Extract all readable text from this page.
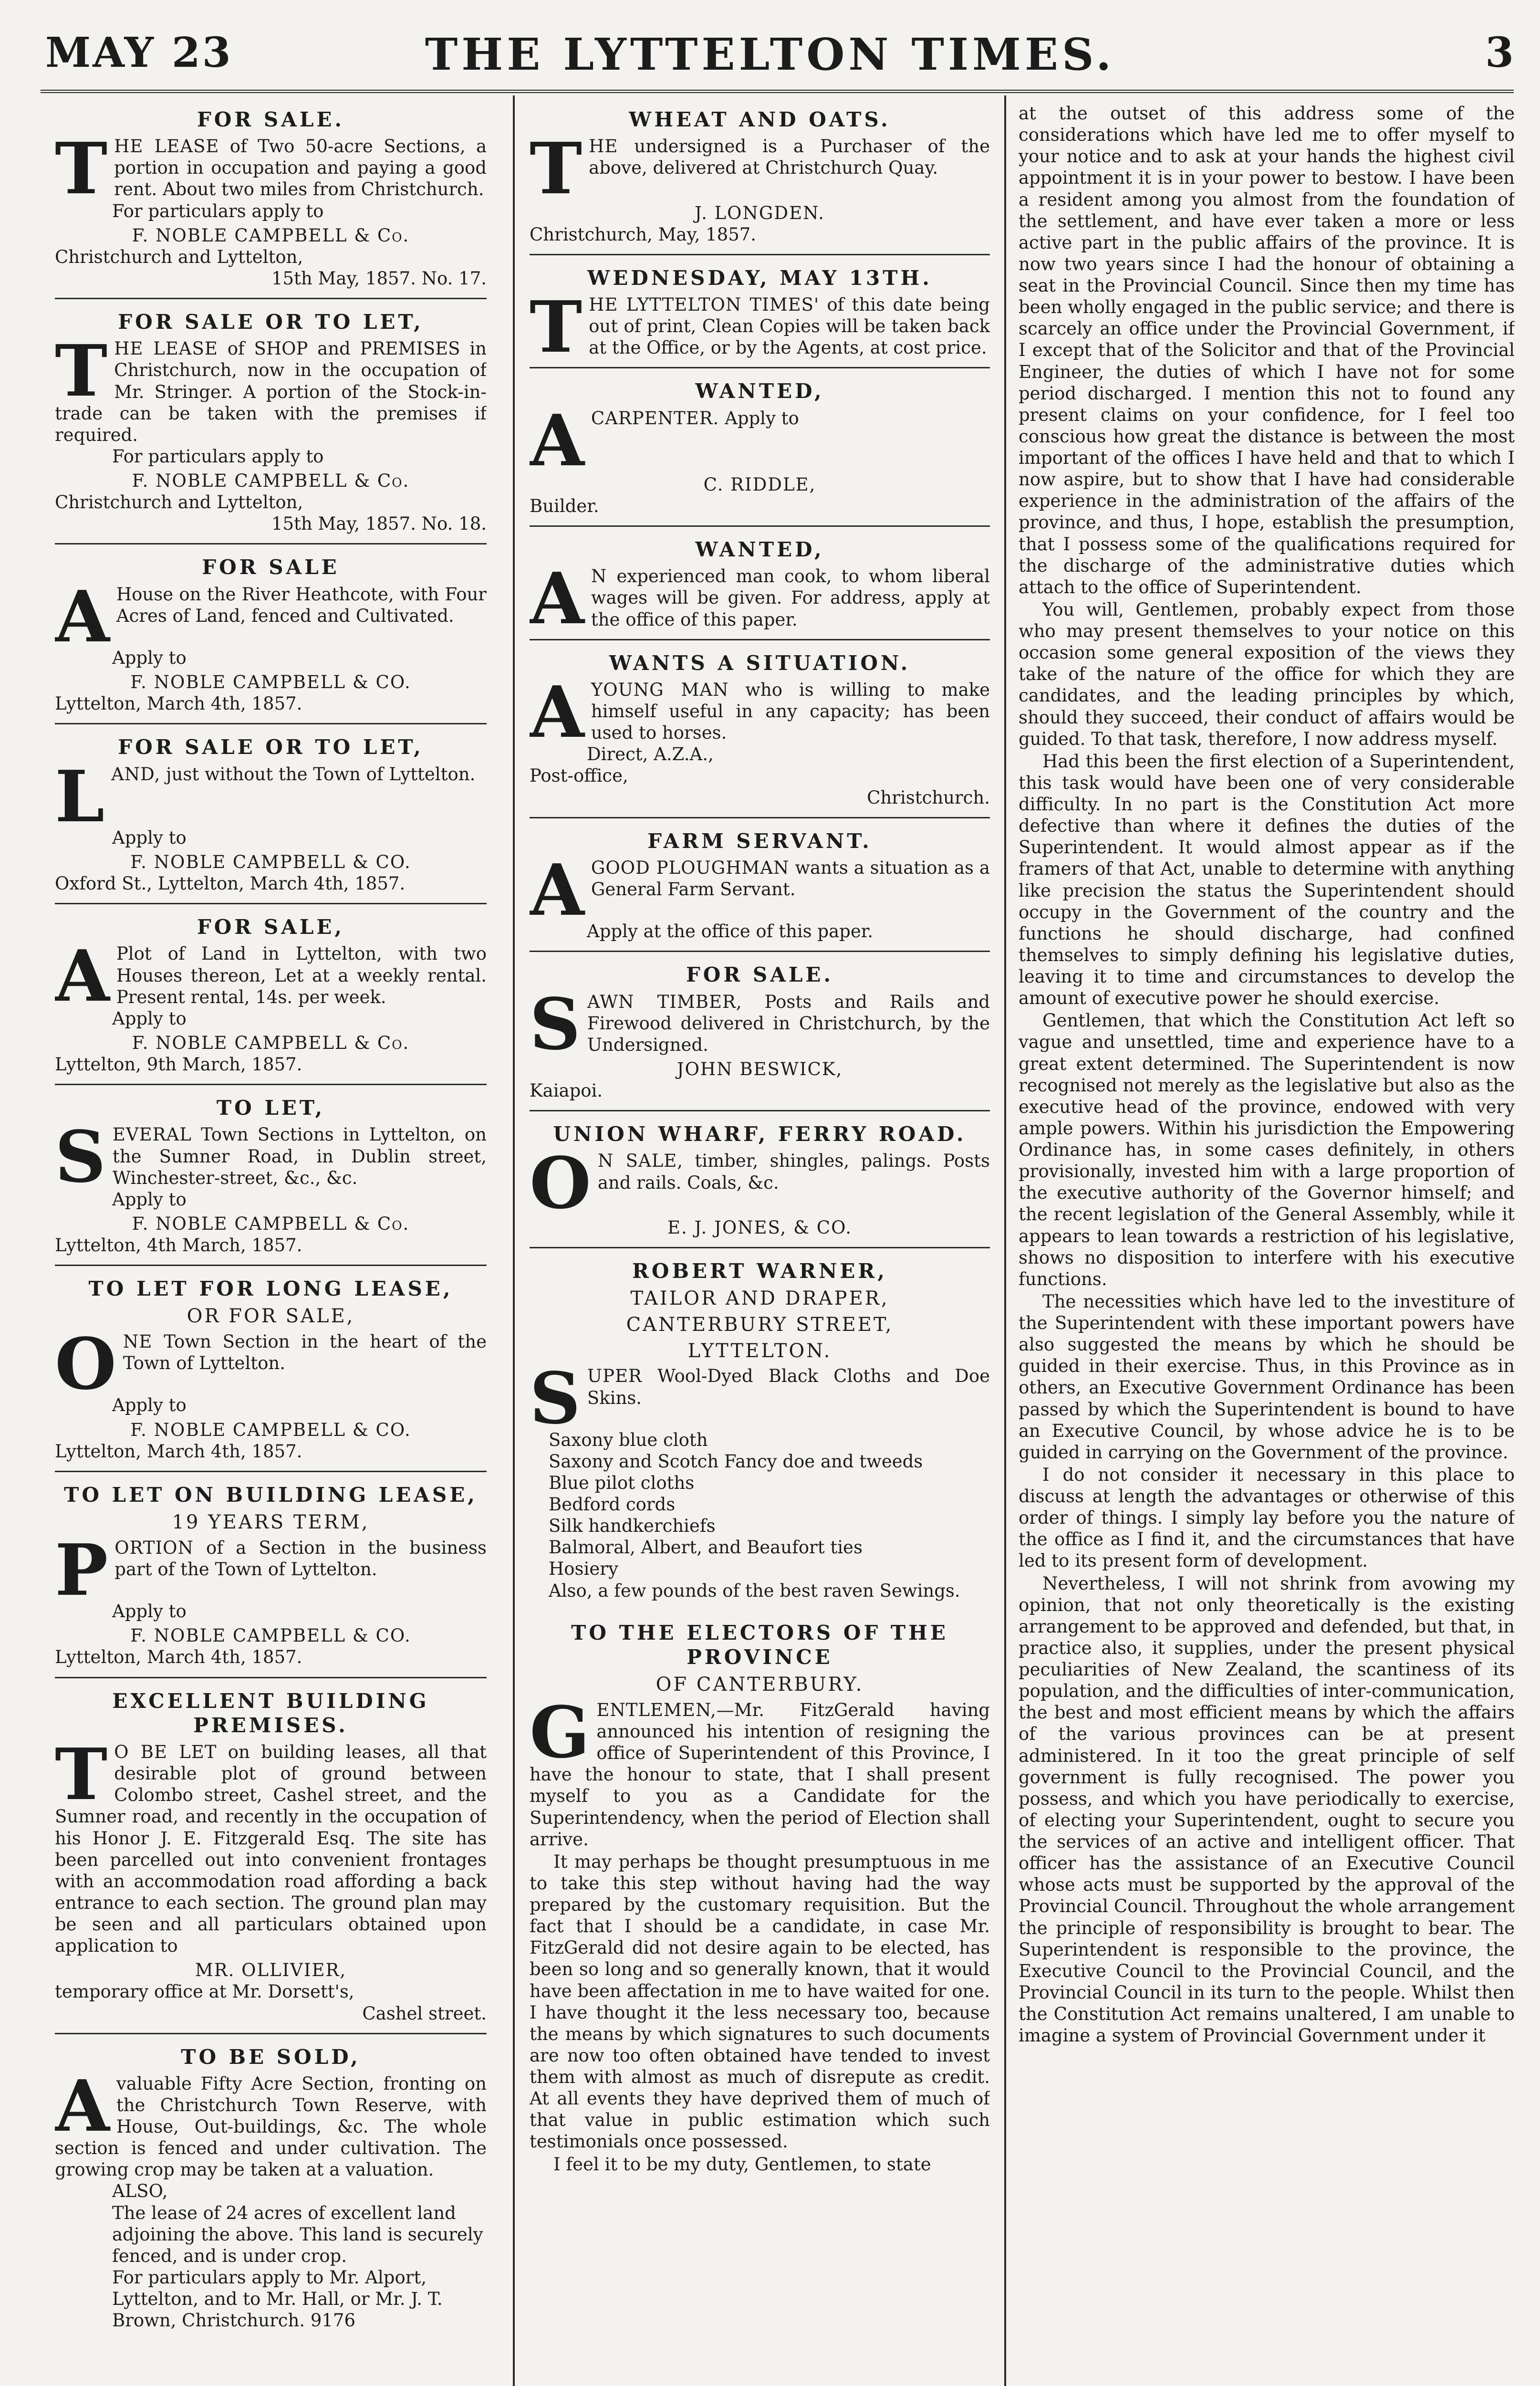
MAY 23	THE LYTTELTON TIMES.	3
FOR SALE.
THE LEASE of Two 50-acre Sections, a portion in occupation and paying a good rent. About two miles from Christchurch.
For particulars apply to
F. NOBLE CAMPBELL & Co.
Christchurch and Lyttelton,
15th May, 1857. No. 17.
FOR SALE OR TO LET,
THE LEASE of SHOP and PREMISES in Christchurch, now in the occupation of Mr. Stringer. A portion of the Stock-in-trade can be taken with the premises if required.
For particulars apply to
F. NOBLE CAMPBELL & Co.
Christchurch and Lyttelton,
15th May, 1857. No. 18.
FOR SALE
A House on the River Heathcote, with Four Acres of Land, fenced and Cultivated.
Apply to
F. NOBLE CAMPBELL & CO.
Lyttelton, March 4th, 1857.
FOR SALE OR TO LET,
LAND, just without the Town of Lyttelton.
Apply to
F. NOBLE CAMPBELL & CO.
Oxford St., Lyttelton, March 4th, 1857.
FOR SALE,
A Plot of Land in Lyttelton, with two Houses thereon, Let at a weekly rental. Present rental, 14s. per week.
Apply to
F. NOBLE CAMPBELL & Co.
Lyttelton, 9th March, 1857.
TO LET,
SEVERAL Town Sections in Lyttelton, on the Sumner Road, in Dublin street, Winchester-street, &c., &c.
Apply to
F. NOBLE CAMPBELL & Co.
Lyttelton, 4th March, 1857.
TO LET FOR LONG LEASE,
OR FOR SALE,
ONE Town Section in the heart of the Town of Lyttelton.
Apply to
F. NOBLE CAMPBELL & CO.
Lyttelton, March 4th, 1857.
TO LET ON BUILDING LEASE,
19 YEARS TERM,
PORTION of a Section in the business part of the Town of Lyttelton.
Apply to
F. NOBLE CAMPBELL & CO.
Lyttelton, March 4th, 1857.
EXCELLENT BUILDING PREMISES.
T O BE LET on building leases, all that desirable plot of ground between Colombo street, Cashel street, and the Sumner road, and recently in the occupation of his Honor J. E. Fitzgerald Esq. The site has been parcelled out into convenient frontages with an accommodation road affording a back entrance to each section. The ground plan may be seen and all particulars obtained upon application to
MR. OLLIVIER,
temporary office at Mr. Dorsett's,
Cashel street.
TO BE SOLD,
Avaluable Fifty Acre Section, fronting on the Christchurch Town Reserve, with House, Out-buildings, &c. The whole section is fenced and under cultivation. The growing crop may be taken at a valuation.
ALSO,
The lease of 24 acres of excellent land adjoining the above. This land is securely fenced, and is under crop.
For particulars apply to Mr. Alport, Lyttelton, and to Mr. Hall, or Mr. J. T. Brown, Christchurch. 9176
WHEAT AND OATS.
THE undersigned is a Purchaser of the above, delivered at Christchurch Quay.
J. LONGDEN.
Christchurch, May, 1857.
WEDNESDAY, MAY 13TH.
THE LYTTELTON TIMES' of this date being out of print, Clean Copies will be taken back at the Office, or by the Agents, at cost price.
WANTED,
ACARPENTER. Apply to
C. RIDDLE,
Builder.
WANTED,
A N experienced man cook, to whom liberal wages will be given. For address, apply at the office of this paper.
WANTS A SITUATION.
AYOUNG MAN who is willing to make himself useful in any capacity; has been used to horses.
Direct, A.Z.A.,
Post-office,
Christchurch.
FARM SERVANT.
AGOOD PLOUGHMAN wants a situation as a General Farm Servant.
Apply at the office of this paper.
FOR SALE.
SAWN TIMBER, Posts and Rails and Firewood delivered in Christchurch, by the Undersigned.
JOHN BESWICK,
Kaiapoi.
UNION WHARF, FERRY ROAD.
O N SALE, timber, shingles, palings. Posts and rails. Coals, &c.
E. J. JONES, & CO.
ROBERT WARNER,
TAILOR AND DRAPER,
CANTERBURY STREET,
LYTTELTON.
SUPER Wool-Dyed Black Cloths and Doe Skins.
Saxony blue cloth
Saxony and Scotch Fancy doe and tweeds
Blue pilot cloths
Bedford cords
Silk handkerchiefs
Balmoral, Albert, and Beaufort ties
Hosiery
Also, a few pounds of the best raven Sewings.
TO THE ELECTORS OF THE PROVINCE
OF CANTERBURY.

GENTLEMEN,—Mr. FitzGerald having announced his intention of resigning the office of Superintendent of this Province, I have the honour to state, that I shall present myself to you as a Candidate for the Superintendency, when the period of Election shall arrive.

It may perhaps be thought presumptuous in me to take this step without having had the way prepared by the customary requisition. But the fact that I should be a candidate, in case Mr. FitzGerald did not desire again to be elected, has been so long and so generally known, that it would have been affectation in me to have waited for one. I have thought it the less necessary too, because the means by which signatures to such documents are now too often obtained have tended to invest them with almost as much of disrepute as credit. At all events they have deprived them of much of that value in public estimation which such testimonials once possessed.

I feel it to be my duty, Gentlemen, to state

at the outset of this address some of the considerations which have led me to offer myself to your notice and to ask at your hands the highest civil appointment it is in your power to bestow. I have been a resident among you almost from the foundation of the settlement, and have ever taken a more or less active part in the public affairs of the province. It is now two years since I had the honour of obtaining a seat in the Provincial Council. Since then my time has been wholly engaged in the public service; and there is scarcely an office under the Provincial Government, if I except that of the Solicitor and that of the Provincial Engineer, the duties of which I have not for some period discharged. I mention this not to found any present claims on your confidence, for I feel too conscious how great the distance is between the most important of the offices I have held and that to which I now aspire, but to show that I have had considerable experience in the administration of the affairs of the province, and thus, I hope, establish the presumption, that I possess some of the qualifications required for the discharge of the administrative duties which attach to the office of Superintendent.

You will, Gentlemen, probably expect from those who may present themselves to your notice on this occasion some general exposition of the views they take of the nature of the office for which they are candidates, and the leading principles by which, should they succeed, their conduct of affairs would be guided. To that task, therefore, I now address myself.

Had this been the first election of a Superintendent, this task would have been one of very considerable difficulty. In no part is the Constitution Act more defective than where it defines the duties of the Superintendent. It would almost appear as if the framers of that Act, unable to determine with anything like precision the status the Superintendent should occupy in the Government of the country and the functions he should discharge, had confined themselves to simply defining his legislative duties, leaving it to time and circumstances to develop the amount of executive power he should exercise.

Gentlemen, that which the Constitution Act left so vague and unsettled, time and experience have to a great extent determined. The Superintendent is now recognised not merely as the legislative but also as the executive head of the province, endowed with very ample powers. Within his jurisdiction the Empowering Ordinance has, in some cases definitely, in others provisionally, invested him with a large proportion of the executive authority of the Governor himself; and the recent legislation of the General Assembly, while it appears to lean towards a restriction of his legislative, shows no disposition to interfere with his executive functions.

The necessities which have led to the investiture of the Superintendent with these important powers have also suggested the means by which he should be guided in their exercise. Thus, in this Province as in others, an Executive Government Ordinance has been passed by which the Superintendent is bound to have an Executive Council, by whose advice he is to be guided in carrying on the Government of the province.

I do not consider it necessary in this place to discuss at length the advantages or otherwise of this order of things. I simply lay before you the nature of the office as I find it, and the circumstances that have led to its present form of development.

Nevertheless, I will not shrink from avowing my opinion, that not only theoretically is the existing arrangement to be approved and defended, but that, in practice also, it supplies, under the present physical peculiarities of New Zealand, the scantiness of its population, and the difficulties of inter-communication, the best and most efficient means by which the affairs of the various provinces can be at present administered. In it too the great principle of self government is fully recognised. The power you possess, and which you have periodically to exercise, of electing your Superintendent, ought to secure you the services of an active and intelligent officer. That officer has the assistance of an Executive Council whose acts must be supported by the approval of the Provincial Council. Throughout the whole arrangement the principle of responsibility is brought to bear. The Superintendent is responsible to the province, the Executive Council to the Provincial Council, and the Provincial Council in its turn to the people. Whilst then the Constitution Act remains unaltered, I am unable to imagine a system of Provincial Government under it
